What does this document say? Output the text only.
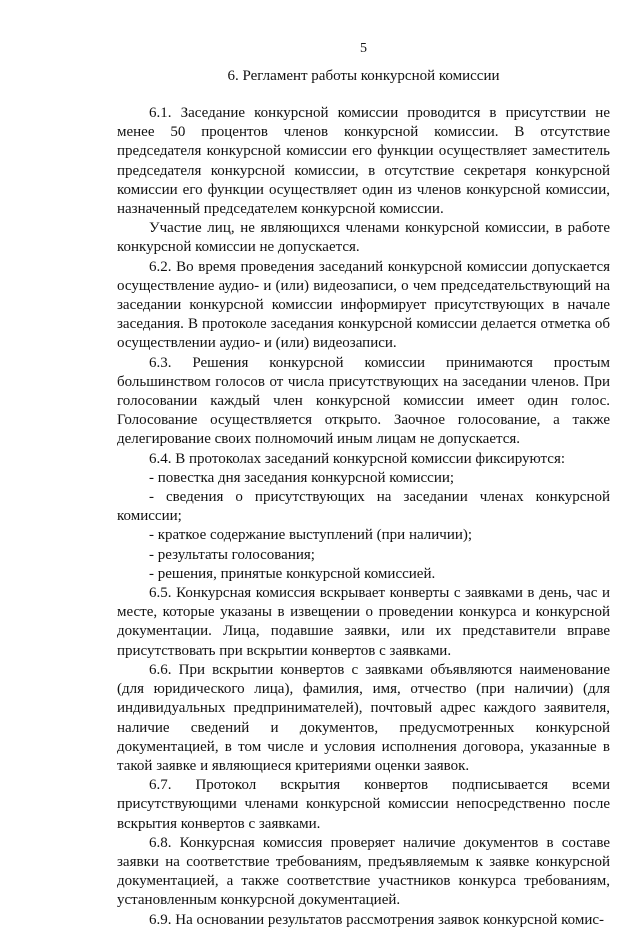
5
6. Регламент работы конкурсной комиссии

6.1. Заседание конкурсной комиссии проводится в присутствии не менее 50 процентов членов конкурсной комиссии. В отсутствие председателя конкурсной комиссии его функции осуществляет заместитель председателя конкурсной комиссии, в отсутствие секретаря конкурсной комиссии его функции осуществляет один из членов конкурсной комиссии, назначенный председателем конкурсной комиссии.

Участие лиц, не являющихся членами конкурсной комиссии, в работе конкурсной комиссии не допускается.

6.2. Во время проведения заседаний конкурсной комиссии допускается осуществление аудио- и (или) видеозаписи, о чем председательствующий на заседании конкурсной комиссии информирует присутствующих в начале заседания. В протоколе заседания конкурсной комиссии делается отметка об осуществлении аудио- и (или) видеозаписи.

6.3. Решения конкурсной комиссии принимаются простым большинством голосов от числа присутствующих на заседании членов. При голосовании каждый член конкурсной комиссии имеет один голос. Голосование осуществляется открыто. Заочное голосование, а также делегирование своих полномочий иным лицам не допускается.

6.4. В протоколах заседаний конкурсной комиссии фиксируются:

- повестка дня заседания конкурсной комиссии;

- сведения о присутствующих на заседании членах конкурсной комиссии;

- краткое содержание выступлений (при наличии);

- результаты голосования;

- решения, принятые конкурсной комиссией.

6.5. Конкурсная комиссия вскрывает конверты с заявками в день, час и месте, которые указаны в извещении о проведении конкурса и конкурсной документации. Лица, подавшие заявки, или их представители вправе присутствовать при вскрытии конвертов с заявками.

6.6. При вскрытии конвертов с заявками объявляются наименование (для юридического лица), фамилия, имя, отчество (при наличии) (для индивидуальных предпринимателей), почтовый адрес каждого заявителя, наличие сведений и документов, предусмотренных конкурсной документацией, в том числе и условия исполнения договора, указанные в такой заявке и являющиеся критериями оценки заявок.

6.7. Протокол вскрытия конвертов подписывается всеми присутствующими членами конкурсной комиссии непосредственно после вскрытия конвертов с заявками.

6.8. Конкурсная комиссия проверяет наличие документов в составе заявки на соответствие требованиям, предъявляемым к заявке конкурсной документацией, а также соответствие участников конкурса требованиям, установленным конкурсной документацией.

6.9. На основании результатов рассмотрения заявок конкурсной комис-
